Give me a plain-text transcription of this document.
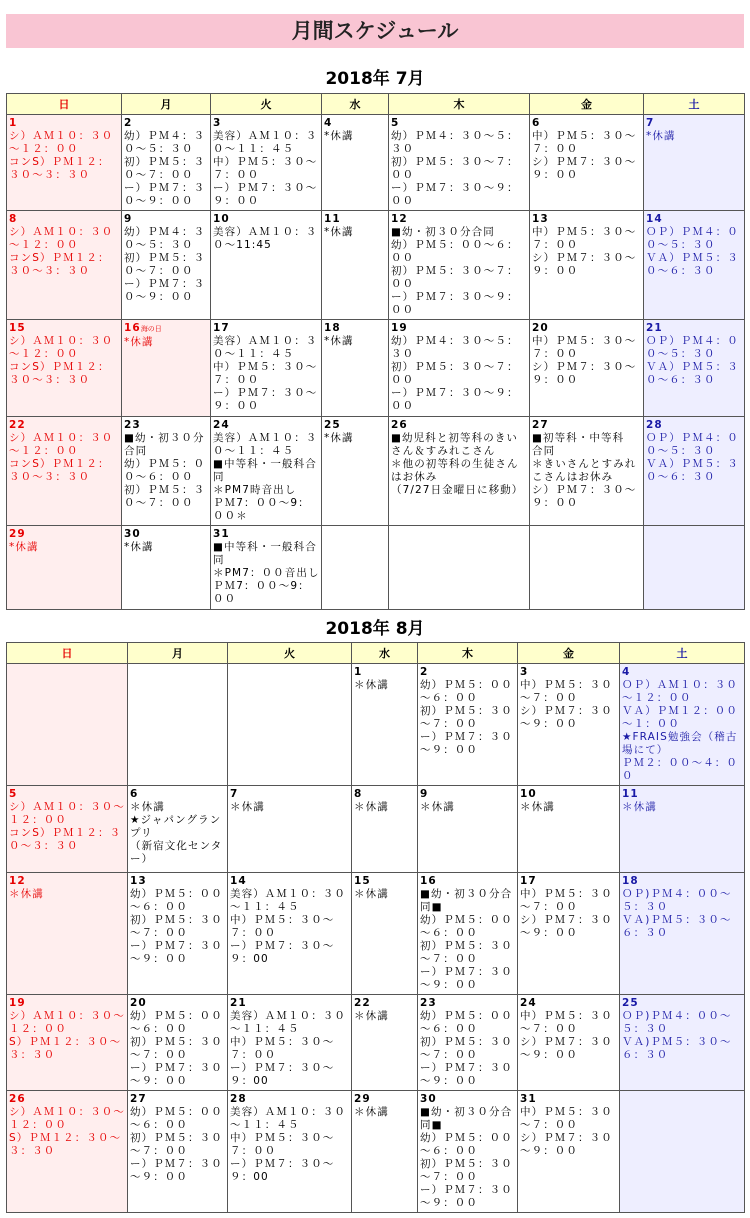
月間スケジュール
2018年 7月
日	月	火	水	木	金	土
1
シ）ＡＭ１０：３０～１２：００
コンS）ＰＭ１２：３０～３：３０	2
幼）ＰＭ４：３０～５：３０
初）ＰＭ５：３０～７：００
ー）ＰＭ７：３０～９：００	3
美容）ＡＭ１０：３０～１１：４５
中）ＰＭ５：３０～７：００
ー）ＰＭ７：３０～９：００	4
*休講	5
幼）ＰＭ４：３０～５：３０
初）ＰＭ５：３０～７：００
ー）ＰＭ７：３０～９：００	6
中）ＰＭ５：３０～７：００
シ）ＰＭ７：３０～９：００	7
*休講

8
シ）ＡＭ１０：３０～１２：００
コンS）ＰＭ１２：３０～３：３０	9
幼）ＰＭ４：３０～５：３０
初）ＰＭ５：３０～７：００
ー）ＰＭ７：３０～９：００	10
美容）ＡＭ１０：３０～11:45	11
*休講	12
■幼・初３０分合同
幼）ＰＭ５：００～６：００
初）ＰＭ５：３０～７：００
ー）ＰＭ７：３０～９：００	13
中）ＰＭ５：３０～７：００
シ）ＰＭ７：３０～９：００	14
ＯＰ）ＰＭ４：００～５：３０
ＶＡ）ＰＭ５：３０～６：３０

15
シ）ＡＭ１０：３０～１２：００
コンS）ＰＭ１２：３０～３：３０	16海の日
*休講	17
美容）ＡＭ１０：３０～１１：４５
中）ＰＭ５：３０～７：００
ー）ＰＭ７：３０～９：００	18
*休講	19
幼）ＰＭ４：３０～５：３０
初）ＰＭ５：３０～７：００
ー）ＰＭ７：３０～９：００	20
中）ＰＭ５：３０～７：００
シ）ＰＭ７：３０～９：００	21
ＯＰ）ＰＭ４：００～５：３０
ＶＡ）ＰＭ５：３０～６：３０

22
シ）ＡＭ１０：３０～１２：００
コンS）ＰＭ１２：３０～３：３０	23
■幼・初３０分合同
幼）ＰＭ５：００～６：００
初）ＰＭ５：３０～７：００	24
美容）ＡＭ１０：３０～１１：４５
■中等科・一般科合同
＊PM7時音出し
ＰＭ7：００～9：００＊	25
*休講	26
■幼児科と初等科のきいさん＆すみれこさん
＊他の初等科の生徒さんはお休み
（7/27日金曜日に移動）	27
■初等科・中等科　合同
＊きいさんとすみれこさんはお休み
シ）ＰＭ７：３０～９：００	28
ＯＰ）ＰＭ４：００～５：３０
ＶＡ）ＰＭ５：３０～６：３０

29
*休講	30
*休講	31
■中等科・一般科合同
＊PM7：００音出し
ＰＭ7：００～9：００				

2018年 8月
日	月	火	水	木	金	土
			1
＊休講	2
幼）ＰＭ５：００～６：００
初）ＰＭ５：３０～７：００
ー）ＰＭ７：３０～９：００	3
中）ＰＭ５：３０～７：００
シ）ＰＭ７：３０～９：００	4
ＯＰ）ＡＭ１０：３０～１２：００
ＶＡ）ＰＭ１２：００～１：００
★FRAIS勉強会（稽古場にて）
ＰＭ２：００～４：００

5
シ）ＡＭ１０：３０～１２：００
コンS）ＰＭ１２：３０～３：３０	6
＊休講
★ジャパングランプリ
（新宿文化センター）	7
＊休講	8
＊休講	9
＊休講	10
＊休講	11
＊休講

12
＊休講	13
幼）ＰＭ５：００～６：００
初）ＰＭ５：３０～７：００
ー）ＰＭ７：３０～９：００	14
美容）ＡＭ１０：３０～１１：４５
中）ＰＭ５：３０～７：００
ー）ＰＭ７：３０～９：00	15
＊休講	16
■幼・初３０分合同■
幼）ＰＭ５：００～６：００
初）ＰＭ５：３０～７：００
ー）ＰＭ７：３０～９：００	17
中）ＰＭ５：３０～７：００
シ）ＰＭ７：３０～９：００	18
ＯＰ)ＰＭ４：００～５：３０
ＶＡ)ＰＭ５：３０～６：３０

19
シ）ＡＭ１０：３０～１２：００
S）ＰＭ１２：３０～３：３０	20
幼）ＰＭ５：００～６：００
初）ＰＭ５：３０～７：００
ー）ＰＭ７：３０～９：００	21
美容）ＡＭ１０：３０～１１：４５
中）ＰＭ５：３０～７：００
ー）ＰＭ７：３０～９：00	22
＊休講	23
幼）ＰＭ５：００～６：００
初）ＰＭ５：３０～７：００
ー）ＰＭ７：３０～９：００	24
中）ＰＭ５：３０～７：００
シ）ＰＭ７：３０～９：００	25
ＯＰ)ＰＭ４：００～５：３０
ＶＡ)ＰＭ５：３０～６：３０

26
シ）ＡＭ１０：３０～１２：００
S）ＰＭ１２：３０～３：３０	27
幼）ＰＭ５：００～６：００
初）ＰＭ５：３０～７：００
ー）ＰＭ７：３０～９：００	28
美容）ＡＭ１０：３０～１１：４５
中）ＰＭ５：３０～７：００
ー）ＰＭ７：３０～９：00	29
＊休講	30
■幼・初３０分合同■
幼）ＰＭ５：００～６：００
初）ＰＭ５：３０～７：００
ー）ＰＭ７：３０～９：００	31
中）ＰＭ５：３０～７：００
シ）ＰＭ７：３０～９：００	
